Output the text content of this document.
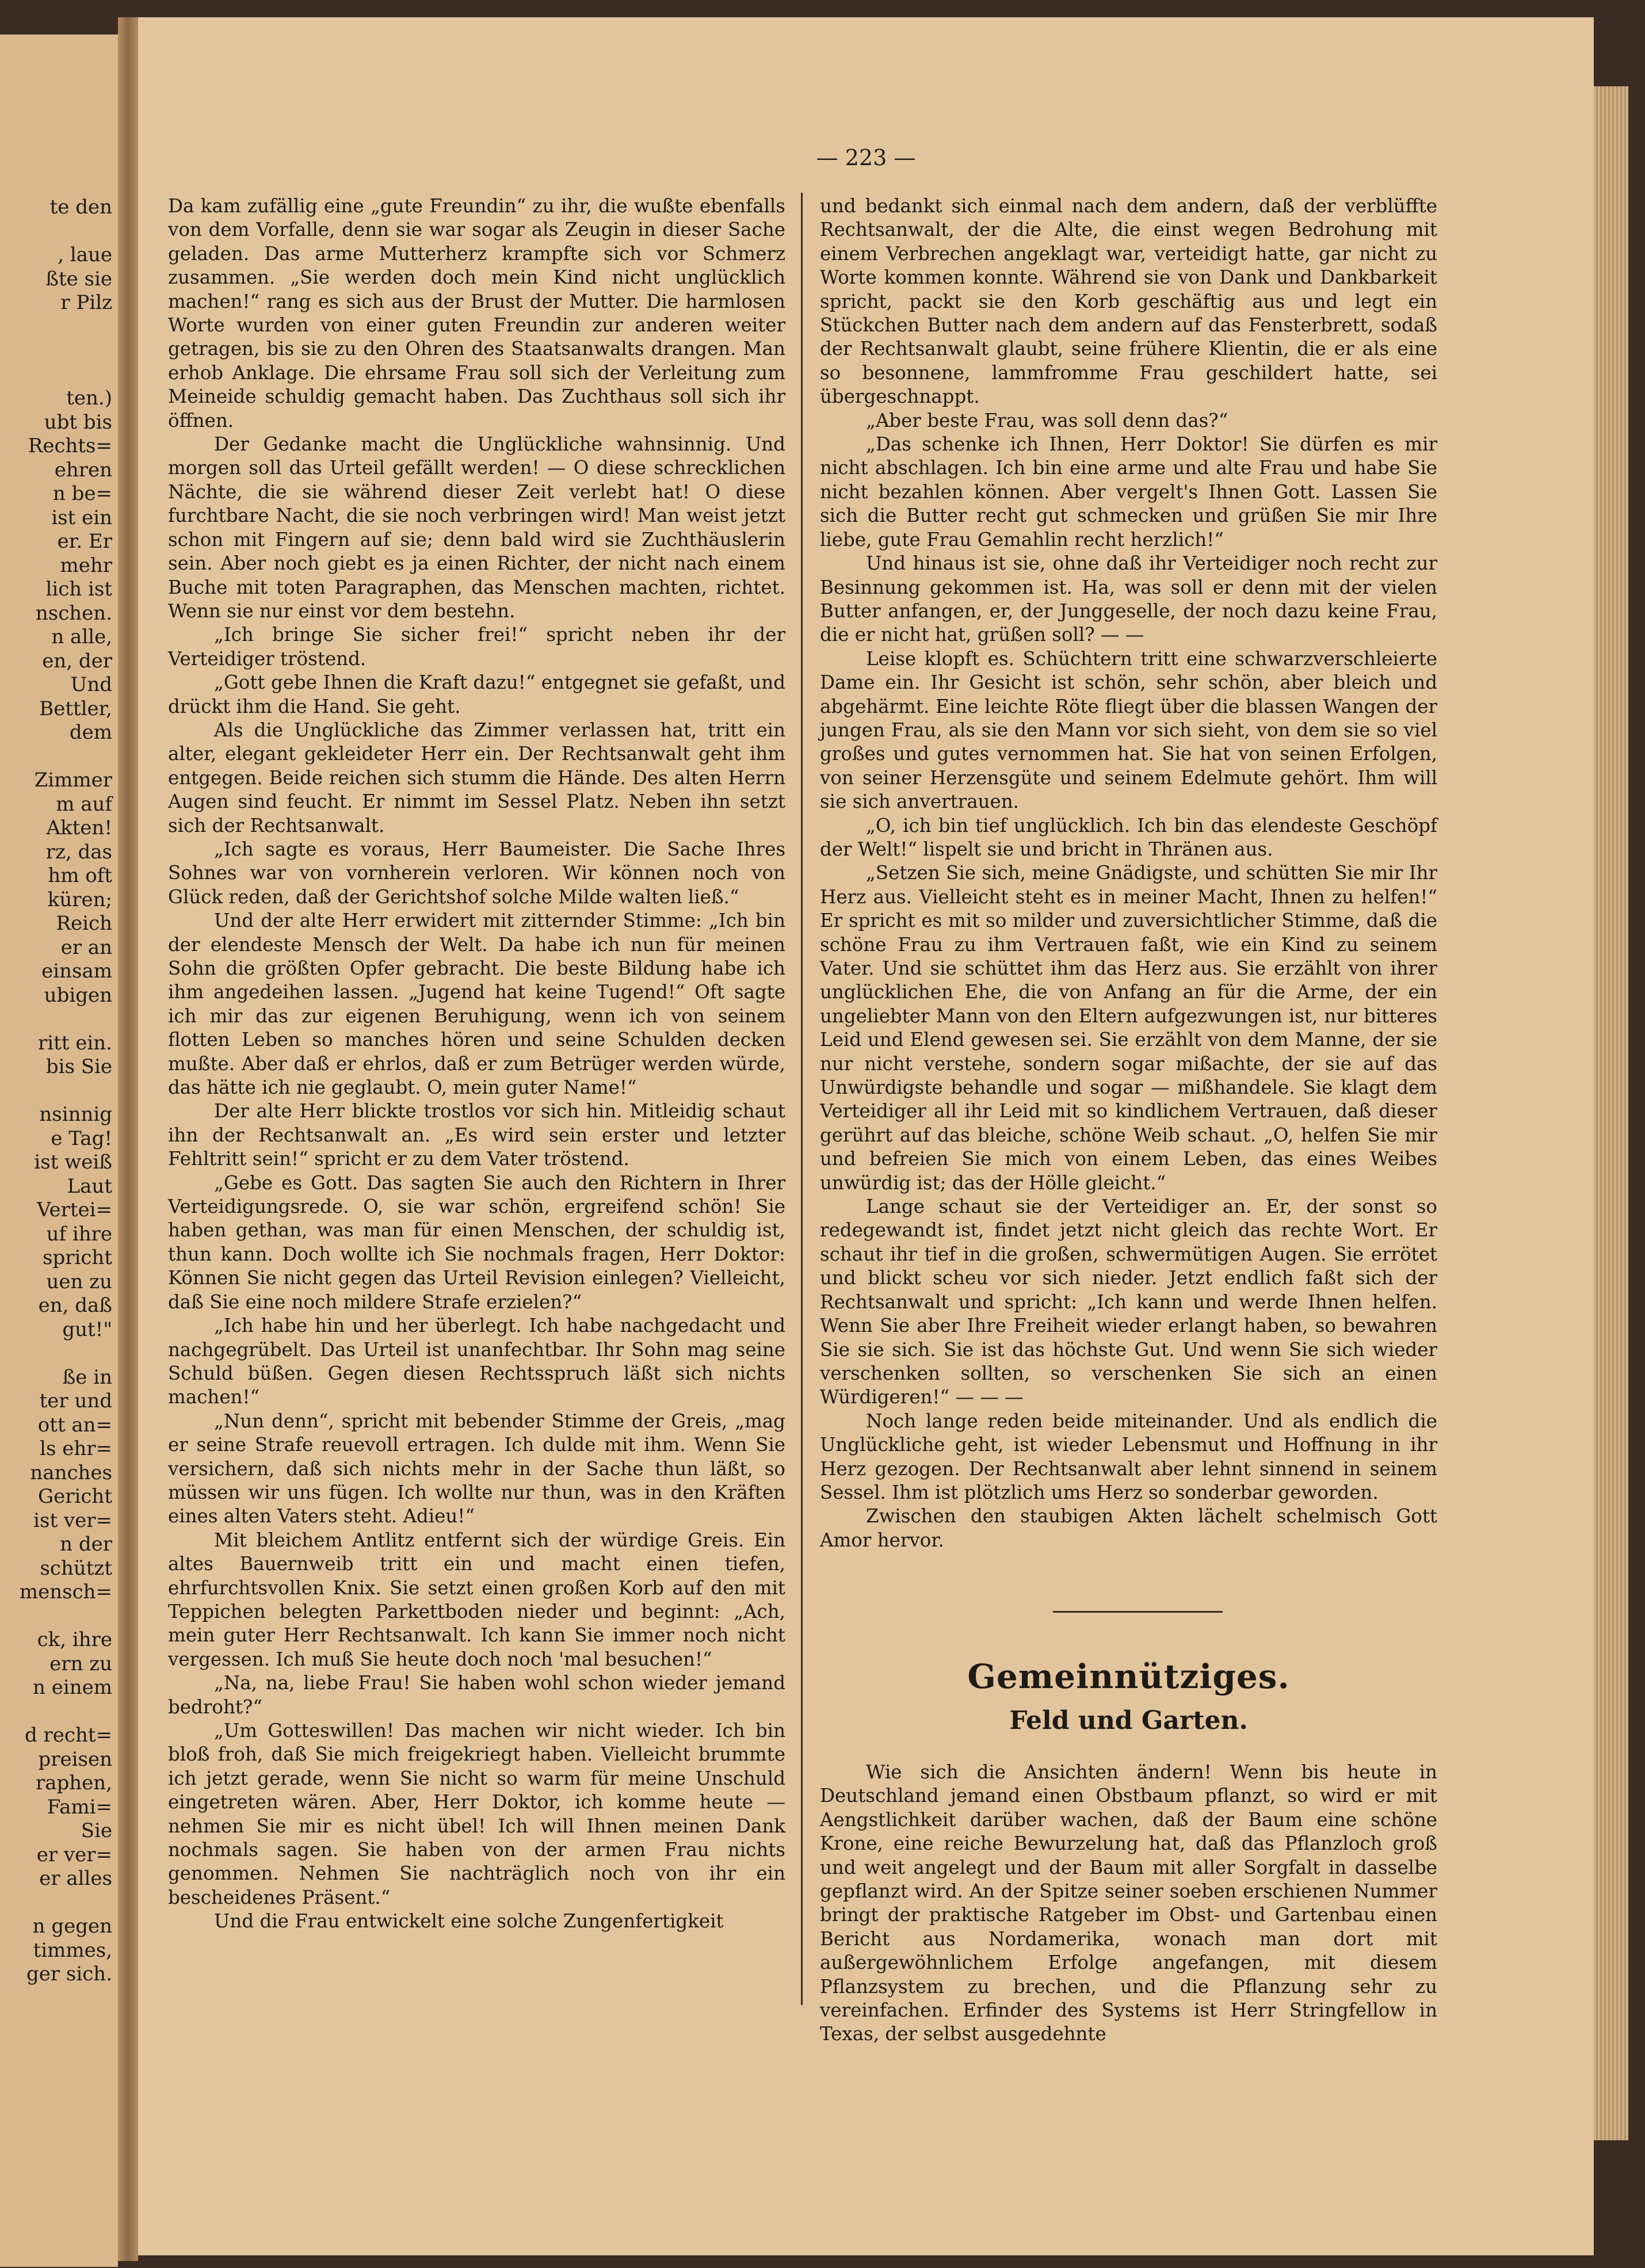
te den
, laue
ßte sie
r Pilz
ten.)
ubt bis
Rechts=
ehren
n be=
ist ein
er. Er
mehr
lich ist
nschen.
n alle,
en, der
Und
Bettler,
dem
Zimmer
m auf
Akten!
rz, das
hm oft
küren;
Reich
er an
einsam
ubigen
ritt ein.
bis Sie
nsinnig
e Tag!
ist weiß
Laut
Vertei=
uf ihre
spricht
uen zu
en, daß
gut!"
ße in
ter und
ott an=
ls ehr=
nanches
Gericht
ist ver=
n der
schützt
mensch=
ck, ihre
ern zu
n einem
d recht=
preisen
raphen,
Fami=
Sie
er ver=
er alles
n gegen
timmes,
ger sich.
— 223 —

Da kam zufällig eine „gute Freundin“ zu ihr, die wußte ebenfalls von dem Vorfalle, denn sie war sogar als Zeugin in dieser Sache geladen. Das arme Mutterherz krampfte sich vor Schmerz zusammen. „Sie werden doch mein Kind nicht unglücklich machen!“ rang es sich aus der Brust der Mutter. Die harmlosen Worte wurden von einer guten Freundin zur anderen weiter getragen, bis sie zu den Ohren des Staatsanwalts drangen. Man erhob Anklage. Die ehrsame Frau soll sich der Verleitung zum Meineide schuldig gemacht haben. Das Zuchthaus soll sich ihr öffnen.

Der Gedanke macht die Unglückliche wahnsinnig. Und morgen soll das Urteil gefällt werden! — O diese schrecklichen Nächte, die sie während dieser Zeit verlebt hat! O diese furchtbare Nacht, die sie noch verbringen wird! Man weist jetzt schon mit Fingern auf sie; denn bald wird sie Zuchthäuslerin sein. Aber noch giebt es ja einen Richter, der nicht nach einem Buche mit toten Paragraphen, das Menschen machten, richtet. Wenn sie nur einst vor dem bestehn.

„Ich bringe Sie sicher frei!“ spricht neben ihr der Verteidiger tröstend.

„Gott gebe Ihnen die Kraft dazu!“ entgegnet sie gefaßt, und drückt ihm die Hand. Sie geht.

Als die Unglückliche das Zimmer verlassen hat, tritt ein alter, elegant gekleideter Herr ein. Der Rechtsanwalt geht ihm entgegen. Beide reichen sich stumm die Hände. Des alten Herrn Augen sind feucht. Er nimmt im Sessel Platz. Neben ihn setzt sich der Rechtsanwalt.

„Ich sagte es voraus, Herr Baumeister. Die Sache Ihres Sohnes war von vornherein verloren. Wir können noch von Glück reden, daß der Gerichtshof solche Milde walten ließ.“

Und der alte Herr erwidert mit zitternder Stimme: „Ich bin der elendeste Mensch der Welt. Da habe ich nun für meinen Sohn die größten Opfer gebracht. Die beste Bildung habe ich ihm angedeihen lassen. „Jugend hat keine Tugend!“ Oft sagte ich mir das zur eigenen Beruhigung, wenn ich von seinem flotten Leben so manches hören und seine Schulden decken mußte. Aber daß er ehrlos, daß er zum Betrüger werden würde, das hätte ich nie geglaubt. O, mein guter Name!“

Der alte Herr blickte trostlos vor sich hin. Mitleidig schaut ihn der Rechtsanwalt an. „Es wird sein erster und letzter Fehltritt sein!“ spricht er zu dem Vater tröstend.

„Gebe es Gott. Das sagten Sie auch den Richtern in Ihrer Verteidigungsrede. O, sie war schön, ergreifend schön! Sie haben gethan, was man für einen Menschen, der schuldig ist, thun kann. Doch wollte ich Sie nochmals fragen, Herr Doktor: Können Sie nicht gegen das Urteil Revision einlegen? Vielleicht, daß Sie eine noch mildere Strafe erzielen?“

„Ich habe hin und her überlegt. Ich habe nachgedacht und nachgegrübelt. Das Urteil ist unanfechtbar. Ihr Sohn mag seine Schuld büßen. Gegen diesen Rechtsspruch läßt sich nichts machen!“

„Nun denn“, spricht mit bebender Stimme der Greis, „mag er seine Strafe reuevoll ertragen. Ich dulde mit ihm. Wenn Sie versichern, daß sich nichts mehr in der Sache thun läßt, so müssen wir uns fügen. Ich wollte nur thun, was in den Kräften eines alten Vaters steht. Adieu!“

Mit bleichem Antlitz entfernt sich der würdige Greis. Ein altes Bauernweib tritt ein und macht einen tiefen, ehrfurchtsvollen Knix. Sie setzt einen großen Korb auf den mit Teppichen belegten Parkettboden nieder und beginnt: „Ach, mein guter Herr Rechtsanwalt. Ich kann Sie immer noch nicht vergessen. Ich muß Sie heute doch noch 'mal besuchen!“

„Na, na, liebe Frau! Sie haben wohl schon wieder jemand bedroht?“

„Um Gotteswillen! Das machen wir nicht wieder. Ich bin bloß froh, daß Sie mich freigekriegt haben. Vielleicht brummte ich jetzt gerade, wenn Sie nicht so warm für meine Unschuld eingetreten wären. Aber, Herr Doktor, ich komme heute — nehmen Sie mir es nicht übel! Ich will Ihnen meinen Dank nochmals sagen. Sie haben von der armen Frau nichts genommen. Nehmen Sie nachträglich noch von ihr ein bescheidenes Präsent.“

Und die Frau entwickelt eine solche Zungenfertigkeit

und bedankt sich einmal nach dem andern, daß der verblüffte Rechtsanwalt, der die Alte, die einst wegen Bedrohung mit einem Verbrechen angeklagt war, verteidigt hatte, gar nicht zu Worte kommen konnte. Während sie von Dank und Dankbarkeit spricht, packt sie den Korb geschäftig aus und legt ein Stückchen Butter nach dem andern auf das Fensterbrett, sodaß der Rechtsanwalt glaubt, seine frühere Klientin, die er als eine so besonnene, lammfromme Frau geschildert hatte, sei übergeschnappt.

„Aber beste Frau, was soll denn das?“

„Das schenke ich Ihnen, Herr Doktor! Sie dürfen es mir nicht abschlagen. Ich bin eine arme und alte Frau und habe Sie nicht bezahlen können. Aber vergelt's Ihnen Gott. Lassen Sie sich die Butter recht gut schmecken und grüßen Sie mir Ihre liebe, gute Frau Gemahlin recht herzlich!“

Und hinaus ist sie, ohne daß ihr Verteidiger noch recht zur Besinnung gekommen ist. Ha, was soll er denn mit der vielen Butter anfangen, er, der Junggeselle, der noch dazu keine Frau, die er nicht hat, grüßen soll? — —

Leise klopft es. Schüchtern tritt eine schwarzverschleierte Dame ein. Ihr Gesicht ist schön, sehr schön, aber bleich und abgehärmt. Eine leichte Röte fliegt über die blassen Wangen der jungen Frau, als sie den Mann vor sich sieht, von dem sie so viel großes und gutes vernommen hat. Sie hat von seinen Erfolgen, von seiner Herzensgüte und seinem Edelmute gehört. Ihm will sie sich anvertrauen.

„O, ich bin tief unglücklich. Ich bin das elendeste Geschöpf der Welt!“ lispelt sie und bricht in Thränen aus.

„Setzen Sie sich, meine Gnädigste, und schütten Sie mir Ihr Herz aus. Vielleicht steht es in meiner Macht, Ihnen zu helfen!“ Er spricht es mit so milder und zuversichtlicher Stimme, daß die schöne Frau zu ihm Vertrauen faßt, wie ein Kind zu seinem Vater. Und sie schüttet ihm das Herz aus. Sie erzählt von ihrer unglücklichen Ehe, die von Anfang an für die Arme, der ein ungeliebter Mann von den Eltern aufgezwungen ist, nur bitteres Leid und Elend gewesen sei. Sie erzählt von dem Manne, der sie nur nicht verstehe, sondern sogar mißachte, der sie auf das Unwürdigste behandle und sogar — mißhandele. Sie klagt dem Verteidiger all ihr Leid mit so kindlichem Vertrauen, daß dieser gerührt auf das bleiche, schöne Weib schaut. „O, helfen Sie mir und befreien Sie mich von einem Leben, das eines Weibes unwürdig ist; das der Hölle gleicht.“

Lange schaut sie der Verteidiger an. Er, der sonst so redegewandt ist, findet jetzt nicht gleich das rechte Wort. Er schaut ihr tief in die großen, schwermütigen Augen. Sie errötet und blickt scheu vor sich nieder. Jetzt endlich faßt sich der Rechtsanwalt und spricht: „Ich kann und werde Ihnen helfen. Wenn Sie aber Ihre Freiheit wieder erlangt haben, so bewahren Sie sie sich. Sie ist das höchste Gut. Und wenn Sie sich wieder verschenken sollten, so verschenken Sie sich an einen Würdigeren!“ — — —

Noch lange reden beide miteinander. Und als endlich die Unglückliche geht, ist wieder Lebensmut und Hoffnung in ihr Herz gezogen. Der Rechtsanwalt aber lehnt sinnend in seinem Sessel. Ihm ist plötzlich ums Herz so sonderbar geworden.

Zwischen den staubigen Akten lächelt schelmisch Gott Amor hervor.

Gemeinnütziges.
Feld und Garten.

Wie sich die Ansichten ändern! Wenn bis heute in Deutschland jemand einen Obstbaum pflanzt, so wird er mit Aengstlichkeit darüber wachen, daß der Baum eine schöne Krone, eine reiche Bewurzelung hat, daß das Pflanzloch groß und weit angelegt und der Baum mit aller Sorgfalt in dasselbe gepflanzt wird. An der Spitze seiner soeben erschienen Nummer bringt der praktische Ratgeber im Obst- und Gartenbau einen Bericht aus Nordamerika, wonach man dort mit außergewöhnlichem Erfolge angefangen, mit diesem Pflanzsystem zu brechen, und die Pflanzung sehr zu vereinfachen. Erfinder des Systems ist Herr Stringfellow in Texas, der selbst ausgedehnte
